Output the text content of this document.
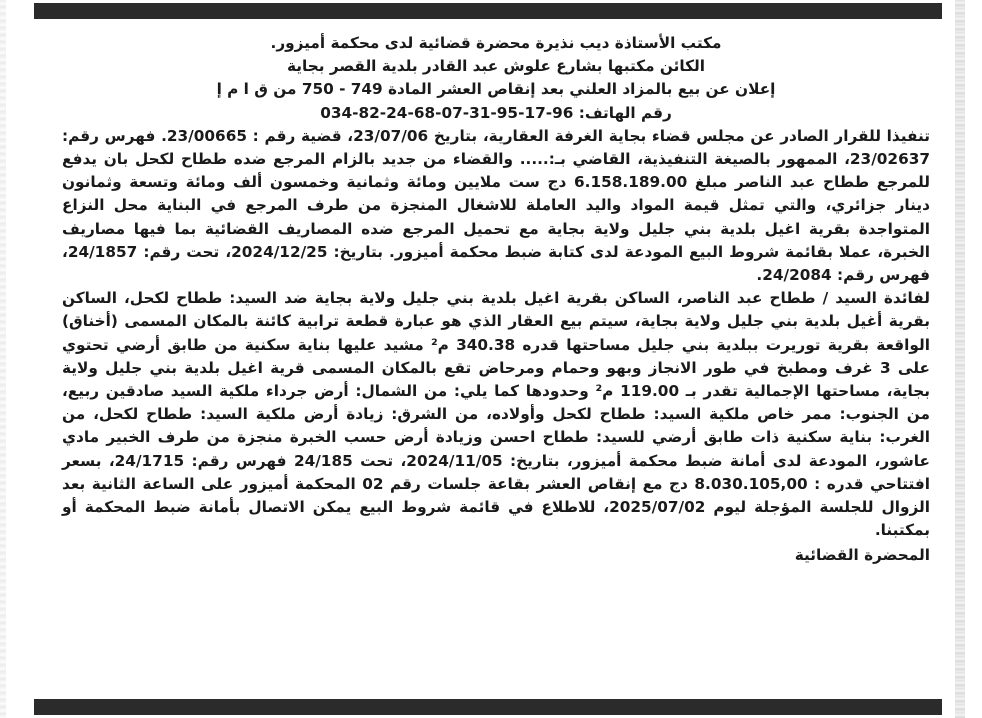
مكتب الأستاذة ديب نذيرة محضرة قضائية لدى محكمة أميزور.

الكائن مكتبها بشارع علوش عبد القادر بلدية القصر بجاية

إعلان عن بيع بالمزاد العلني بعد إنقاص العشر المادة 749 - 750 من ق ا م إ

رقم الهاتف: 96-17-95-31-07-68-24-82-034

تنفيذا للقرار الصادر عن مجلس قضاء بجاية الغرفة العقارية، بتاريخ 23/07/06، قضية رقم : 23/00665. فهرس رقم: 23/02637، الممهور بالصيغة التنفيذية، القاضي بـ:..... والقضاء من جديد بالزام المرجع ضده ططاح لكحل بان يدفع للمرجع ططاح عبد الناصر مبلغ 6.158.189.00 دج ست ملايين ومائة وثمانية وخمسون ألف ومائة وتسعة وثمانون دينار جزائري، والتي تمثل قيمة المواد واليد العاملة للاشغال المنجزة من طرف المرجع في البناية محل النزاع المتواجدة بقرية اغيل بلدية بني جليل ولاية بجاية مع تحميل المرجع ضده المصاريف القضائية بما فيها مصاريف الخبرة، عملا بقائمة شروط البيع المودعة لدى كتابة ضبط محكمة أميزور. بتاريخ: 2024/12/25، تحت رقم: 24/1857، فهرس رقم: 24/2084.

لفائدة السيد / ططاح عبد الناصر، الساكن بقرية اغيل بلدية بني جليل ولاية بجاية ضد السيد: ططاح لكحل، الساكن بقرية أغيل بلدية بني جليل ولاية بجاية، سيتم بيع العقار الذي هو عبارة قطعة ترابية كائنة بالمكان المسمى (أخناق) الواقعة بقرية توريرت ببلدية بني جليل مساحتها قدره 340.38 م² مشيد عليها بناية سكنية من طابق أرضي تحتوي على 3 غرف ومطبخ في طور الانجاز وبهو وحمام ومرحاض تقع بالمكان المسمى قرية اغيل بلدية بني جليل ولاية بجاية، مساحتها الإجمالية تقدر بـ 119.00 م² وحدودها كما يلي: من الشمال: أرض جرداء ملكية السيد صادقين ربيع، من الجنوب: ممر خاص ملكية السيد: ططاح لكحل وأولاده، من الشرق: زيادة أرض ملكية السيد: ططاح لكحل، من الغرب: بناية سكنية ذات طابق أرضي للسيد: ططاح احسن وزيادة أرض حسب الخبرة منجزة من طرف الخبير مادي عاشور، المودعة لدى أمانة ضبط محكمة أميزور، بتاريخ: 2024/11/05، تحت 24/185 فهرس رقم: 24/1715، بسعر افتتاحي قدره : 8.030.105,00 دج مع إنقاص العشر بقاعة جلسات رقم 02 المحكمة أميزور على الساعة الثانية بعد الزوال للجلسة المؤجلة ليوم 2025/07/02، للاطلاع في قائمة شروط البيع يمكن الاتصال بأمانة ضبط المحكمة أو بمكتبنا.

المحضرة القضائية
